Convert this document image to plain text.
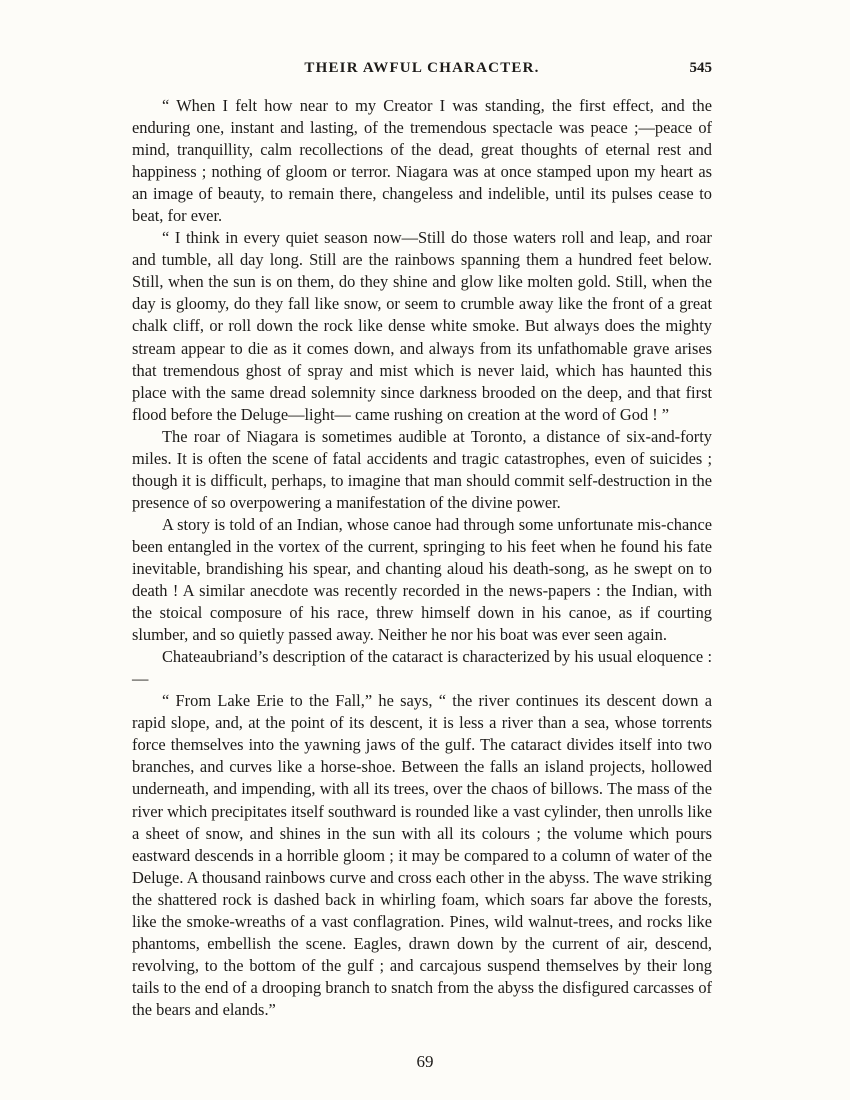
THEIR AWFUL CHARACTER.	545

“ When I felt how near to my Creator I was standing, the first effect, and the enduring one, instant and lasting, of the tremendous spectacle was peace ;—peace of mind, tranquillity, calm recollections of the dead, great thoughts of eternal rest and happiness ; nothing of gloom or terror. Niagara was at once stamped upon my heart as an image of beauty, to remain there, changeless and indelible, until its pulses cease to beat, for ever.

“ I think in every quiet season now—Still do those waters roll and leap, and roar and tumble, all day long. Still are the rainbows spanning them a hundred feet below. Still, when the sun is on them, do they shine and glow like molten gold. Still, when the day is gloomy, do they fall like snow, or seem to crumble away like the front of a great chalk cliff, or roll down the rock like dense white smoke. But always does the mighty stream appear to die as it comes down, and always from its unfathomable grave arises that tremendous ghost of spray and mist which is never laid, which has haunted this place with the same dread solemnity since darkness brooded on the deep, and that first flood before the Deluge—light— came rushing on creation at the word of God ! ”

The roar of Niagara is sometimes audible at Toronto, a distance of six-and-forty miles. It is often the scene of fatal accidents and tragic catastrophes, even of suicides ; though it is difficult, perhaps, to imagine that man should commit self-destruction in the presence of so overpowering a manifestation of the divine power.

A story is told of an Indian, whose canoe had through some unfortunate mis-chance been entangled in the vortex of the current, springing to his feet when he found his fate inevitable, brandishing his spear, and chanting aloud his death-song, as he swept on to death ! A similar anecdote was recently recorded in the news-papers : the Indian, with the stoical composure of his race, threw himself down in his canoe, as if courting slumber, and so quietly passed away. Neither he nor his boat was ever seen again.

Chateaubriand’s description of the cataract is characterized by his usual eloquence :—

“ From Lake Erie to the Fall,” he says, “ the river continues its descent down a rapid slope, and, at the point of its descent, it is less a river than a sea, whose torrents force themselves into the yawning jaws of the gulf. The cataract divides itself into two branches, and curves like a horse-shoe. Between the falls an island projects, hollowed underneath, and impending, with all its trees, over the chaos of billows. The mass of the river which precipitates itself southward is rounded like a vast cylinder, then unrolls like a sheet of snow, and shines in the sun with all its colours ; the volume which pours eastward descends in a horrible gloom ; it may be compared to a column of water of the Deluge. A thousand rainbows curve and cross each other in the abyss. The wave striking the shattered rock is dashed back in whirling foam, which soars far above the forests, like the smoke-wreaths of a vast conflagration. Pines, wild walnut-trees, and rocks like phantoms, embellish the scene. Eagles, drawn down by the current of air, descend, revolving, to the bottom of the gulf ; and carcajous suspend themselves by their long tails to the end of a drooping branch to snatch from the abyss the disfigured carcasses of the bears and elands.”

69
